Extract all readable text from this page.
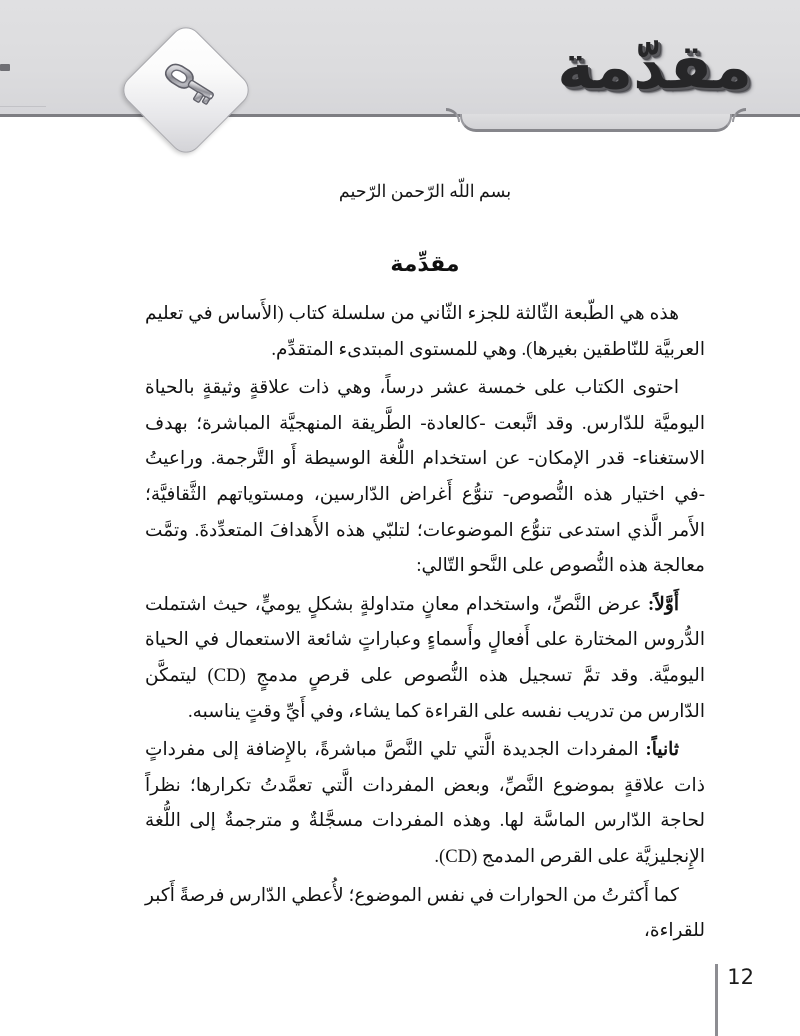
مقدّمة
بسم اللّه الرّحمن الرّحيم
مقدِّمة

هذه هي الطّبعة الثّالثة للجزء الثّاني من سلسلة كتاب (الأَساس في تعليم العربيَّة للنّاطقين بغيرها). وهي للمستوى المبتدىء المتقدِّم.

احتوى الكتاب على خمسة عشر درساً، وهي ذات علاقةٍ وثيقةٍ بالحياة اليوميَّة للدّارس. وقد اتَّبعت -كالعادة- الطَّريقة المنهجيَّة المباشرة؛ بهدف الاستغناء- قدر الإمكان- عن استخدام اللُّغة الوسيطة أَو التَّرجمة. وراعيتُ -في اختيار هذه النُّصوص- تنوُّع أَغراض الدّارسين، ومستوياتهم الثَّقافيَّة؛ الأَمر الَّذي استدعى تنوُّع الموضوعات؛ لتلبّي هذه الأَهدافَ المتعدِّدةَ. وتمَّت معالجة هذه النُّصوص على النَّحو التّالي:

أَوَّلاً: عرض النَّصِّ، واستخدام معانٍ متداولةٍ بشكلٍ يوميٍّ، حيث اشتملت الدُّروس المختارة على أَفعالٍ وأَسماءٍ وعباراتٍ شائعة الاستعمال في الحياة اليوميَّة. وقد تمَّ تسجيل هذه النُّصوص على قرصٍ مدمجٍ (CD) ليتمكَّن الدّارس من تدريب نفسه على القراءة كما يشاء، وفي أَيِّ وقتٍ يناسبه.

ثانياً: المفردات الجديدة الَّتي تلي النَّصَّ مباشرةً، بالإِضافة إلى مفرداتٍ ذات علاقةٍ بموضوع النَّصِّ، وبعض المفردات الَّتي تعمَّدتُ تكرارها؛ نظراً لحاجة الدّارس الماسَّة لها. وهذه المفردات مسجَّلةٌ و مترجمةٌ إلى اللُّغة الإِنجليزيَّة على القرص المدمج (CD).

كما أَكثرتُ من الحوارات في نفس الموضوع؛ لأُعطي الدّارس فرصةً أَكبر للقراءة،

12
